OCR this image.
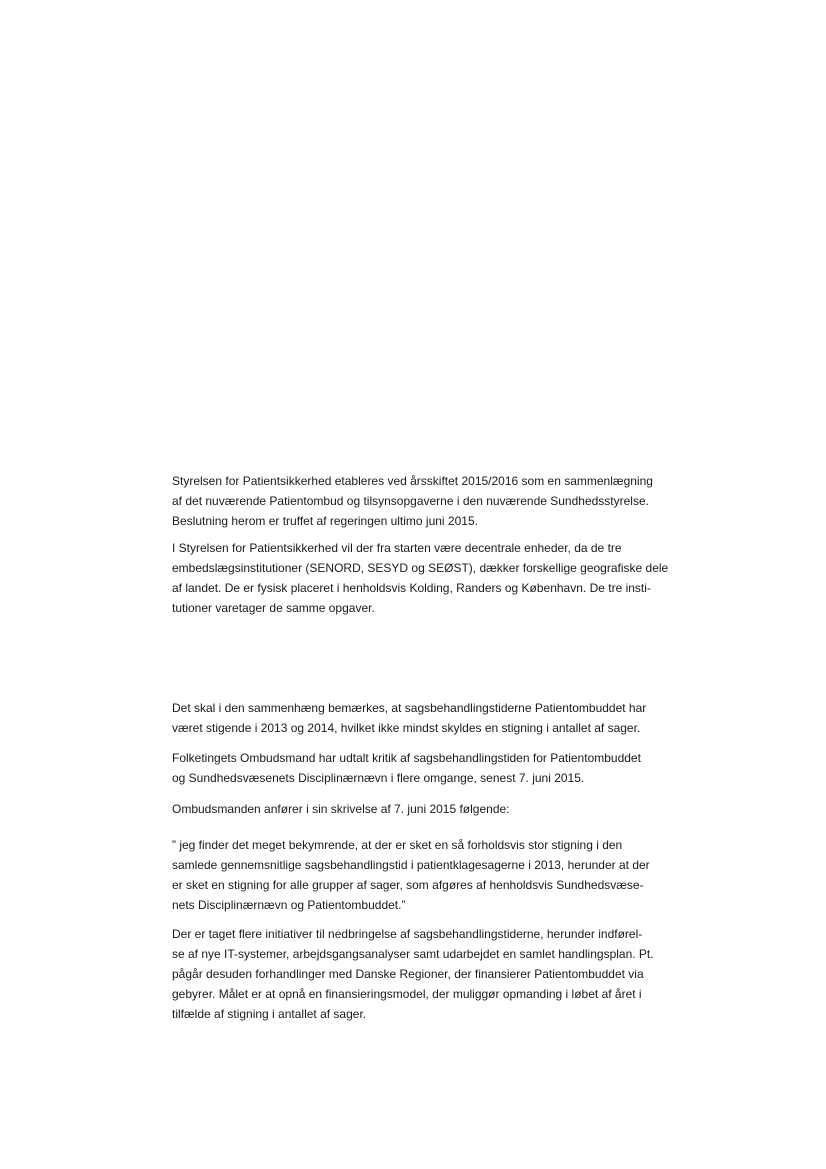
Styrelsen for Patientsikkerhed etableres ved årsskiftet 2015/2016 som en sammenlægning
af det nuværende Patientombud og tilsynsopgaverne i den nuværende Sundhedsstyrelse.
Beslutning herom er truffet af regeringen ultimo juni 2015.
I Styrelsen for Patientsikkerhed vil der fra starten være decentrale enheder, da de tre
embedslægsinstitutioner (SENORD, SESYD og SEØST), dækker forskellige geografiske dele
af landet. De er fysisk placeret i henholdsvis Kolding, Randers og København. De tre insti-
tutioner varetager de samme opgaver.
Det skal i den sammenhæng bemærkes, at sagsbehandlingstiderne Patientombuddet har
været stigende i 2013 og 2014, hvilket ikke mindst skyldes en stigning i antallet af sager.
Folketingets Ombudsmand har udtalt kritik af sagsbehandlingstiden for Patientombuddet
og Sundhedsvæsenets Disciplinærnævn i flere omgange, senest 7. juni 2015.
Ombudsmanden anfører i sin skrivelse af 7. juni 2015 følgende:
” jeg finder det meget bekymrende, at der er sket en så forholdsvis stor stigning i den
samlede gennemsnitlige sagsbehandlingstid i patientklagesagerne i 2013, herunder at der
er sket en stigning for alle grupper af sager, som afgøres af henholdsvis Sundhedsvæse-
nets Disciplinærnævn og Patientombuddet.”
Der er taget flere initiativer til nedbringelse af sagsbehandlingstiderne, herunder indførel-
se af nye IT-systemer, arbejdsgangsanalyser samt udarbejdet en samlet handlingsplan. Pt.
pågår desuden forhandlinger med Danske Regioner, der finansierer Patientombuddet via
gebyrer. Målet er at opnå en finansieringsmodel, der muliggør opmanding i løbet af året i
tilfælde af stigning i antallet af sager.
